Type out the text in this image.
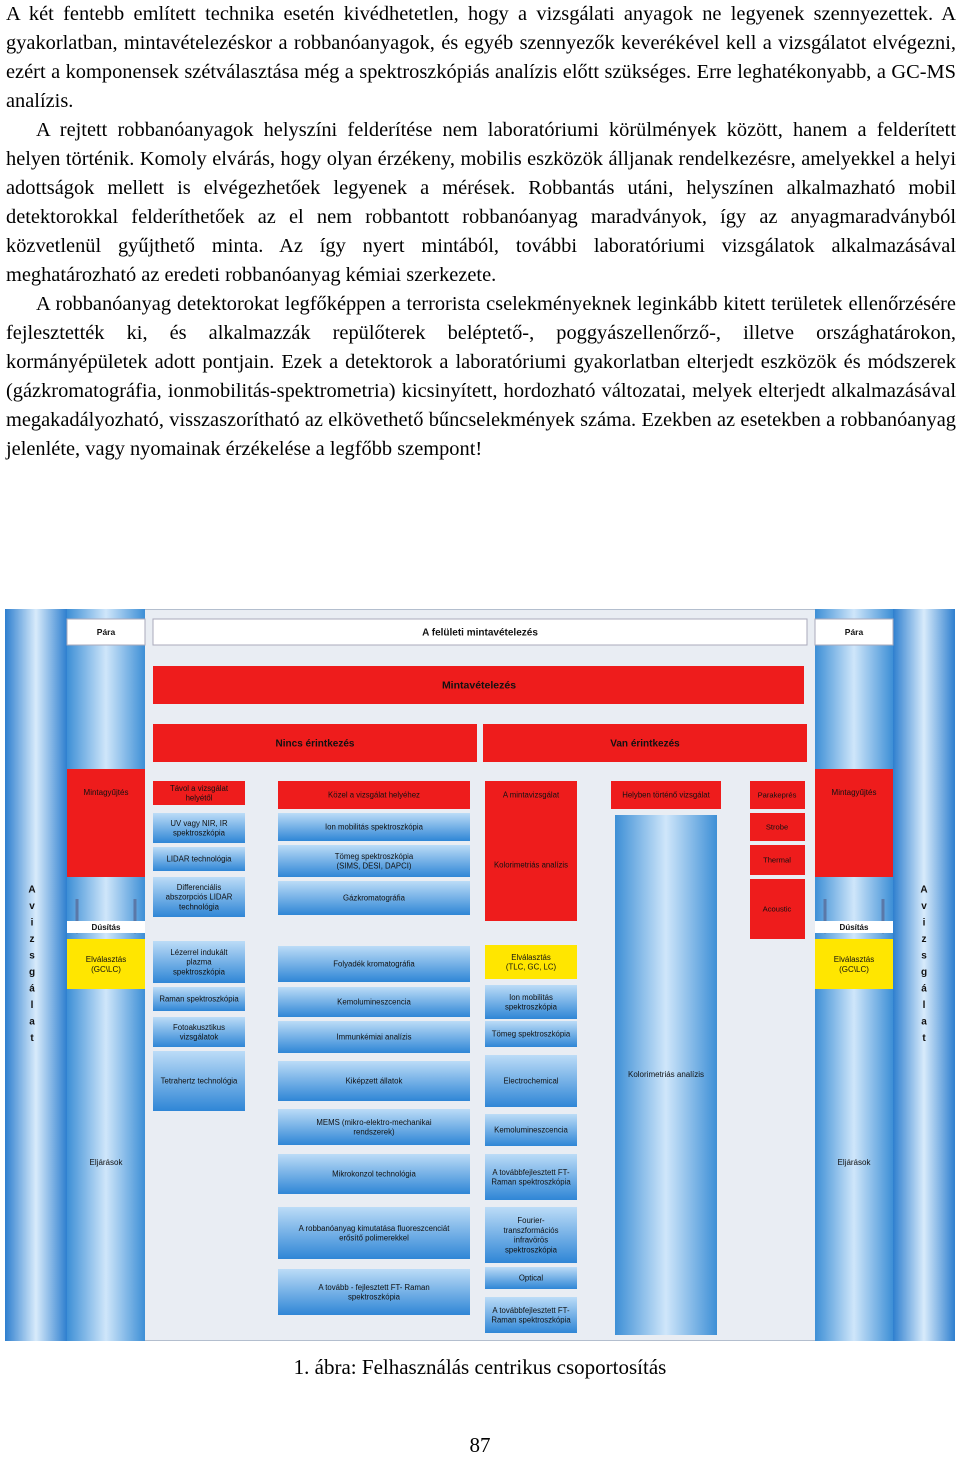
A két fentebb említett technika esetén kivédhetetlen, hogy a vizsgálati anyagok ne legyenek szennyezettek. A gyakorlatban, mintavételezéskor a robbanóanyagok, és egyéb szennyezők keverékével kell a vizsgálatot elvégezni, ezért a komponensek szétválasztása még a spektroszkópiás analízis előtt szükséges. Erre leghatékonyabb, a GC-MS analízis.

A rejtett robbanóanyagok helyszíni felderítése nem laboratóriumi körülmények között, hanem a felderített helyen történik. Komoly elvárás, hogy olyan érzékeny, mobilis eszközök álljanak rendelkezésre, amelyekkel a helyi adottságok mellett is elvégezhetőek legyenek a mérések. Robbantás utáni, helyszínen alkalmazható mobil detektorokkal felderíthetőek az el nem robbantott robbanóanyag maradványok, így az anyagmaradványból közvetlenül gyűjthető minta. Az így nyert mintából, további laboratóriumi vizsgálatok alkalmazásával meghatározható az eredeti robbanóanyag kémiai szerkezete.

A robbanóanyag detektorokat legfőképpen a terrorista cselekményeknek leginkább kitett területek ellenőrzésére fejlesztették ki, és alkalmazzák repülőterek beléptető-, poggyászellenőrző-, illetve országhatárokon, kormányépületek adott pontjain. Ezek a detektorok a laboratóriumi gyakorlatban elterjedt eszközök és módszerek (gázkromatográfia, ionmobilitás-spektrometria) kicsinyített, hordozható változatai, melyek elterjedt alkalmazásával megakadályozható, visszaszorítható az elkövethető bűncselekmények száma. Ezekben az esetekben a robbanóanyag jelenléte, vagy nyomainak érzékelése a legfőbb szempont!

Pára	A felületi mintavételezés	Pára
Mintavételezés
Nincs érintkezés	Van érintkezés
Mintagyűjtés
A
v
i
z
s
g
á
l
a
t
Dúsítás
Elválasztás (GC\LC)
Eljárások
Mintagyűjtés
A
v
i
z
s
g
á
l
a
t
Dúsítás
Elválasztás (GC\LC)
Eljárások
Távol a vizsgálat helyétől
UV vagy NIR, IR spektroszkópia
LIDAR technológia
Differenciális abszorpciós LIDAR technológia
Lézerrel indukált plazma spektroszkópia
Raman spektroszkópia
Fotoakusztikus vizsgálatok
Tetrahertz technológia
Közel a vizsgálat helyéhez
Ion mobilitás spektroszkópia
Tömeg spektroszkópia (SIMS, DESI, DAPCI)
Gázkromatográfia
Folyadék kromatográfia
Kemolumineszcencia
Immunkémiai analízis
Kiképzett állatok
MEMS (mikro-elektro-mechanikai rendszerek)
Mikrokonzol technológia
A robbanóanyag kimutatása fluoreszcenciát erősítő polimerekkel
A tovább - fejlesztett FT- Raman spektroszkópia
A mintavizsgálat
Kolorimetriás analízis
Elválasztás (TLC, GC, LC)
Ion mobilitás spektroszkópia
Tömeg spektroszkópia
Electrochemical
Kemolumineszcencia
A továbbfejlesztett FT-Raman spektroszkópia
Fourier-transzformációs infravörös spektroszkópia
Optical
A továbbfejlesztett FT-Raman spektroszkópia
Helyben történő vizsgálat
Kolorimetriás analízis
Parakeprés
Strobe
Thermal
Acoustic
1. ábra: Felhasználás centrikus csoportosítás
87
